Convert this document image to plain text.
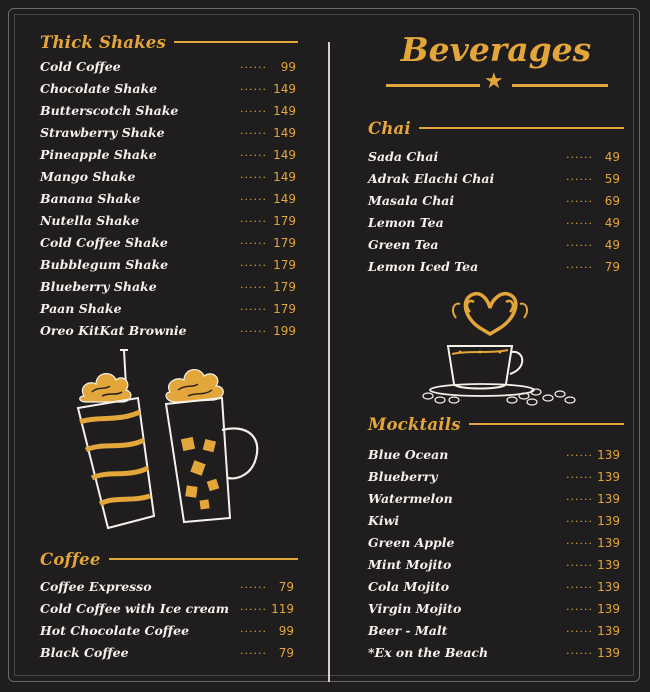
Thick Shakes
Cold Coffee	......	99
Chocolate Shake	...... 149
Butterscotch Shake	...... 149
Strawberry Shake	...... 149
Pineapple Shake	...... 149
Mango Shake	...... 149
Banana Shake	...... 149
Nutella Shake	...... 179
Cold Coffee Shake	...... 179
Bubblegum Shake	...... 179
Blueberry Shake	...... 179
Paan Shake	...... 179
Oreo KitKat Brownie	...... 199
Coffee
Coffee Expresso	...... 79
Cold Coffee with Ice cream ...... 119
Hot Chocolate Coffee	...... 99
Black Coffee	...... 79
Beverages
★
Chai
Sada Chai	...... 49
Adrak Elachi Chai	...... 59
Masala Chai	...... 69
Lemon Tea	...... 49
Green Tea	...... 49
Lemon Iced Tea	...... 79
Mocktails
Blue Ocean	...... 139
Blueberry	...... 139
Watermelon	...... 139
Kiwi	...... 139
Green Apple	...... 139
Mint Mojito	...... 139
Cola Mojito	...... 139
Virgin Mojito	...... 139
Beer - Malt	...... 139
*Ex on the Beach	...... 139
